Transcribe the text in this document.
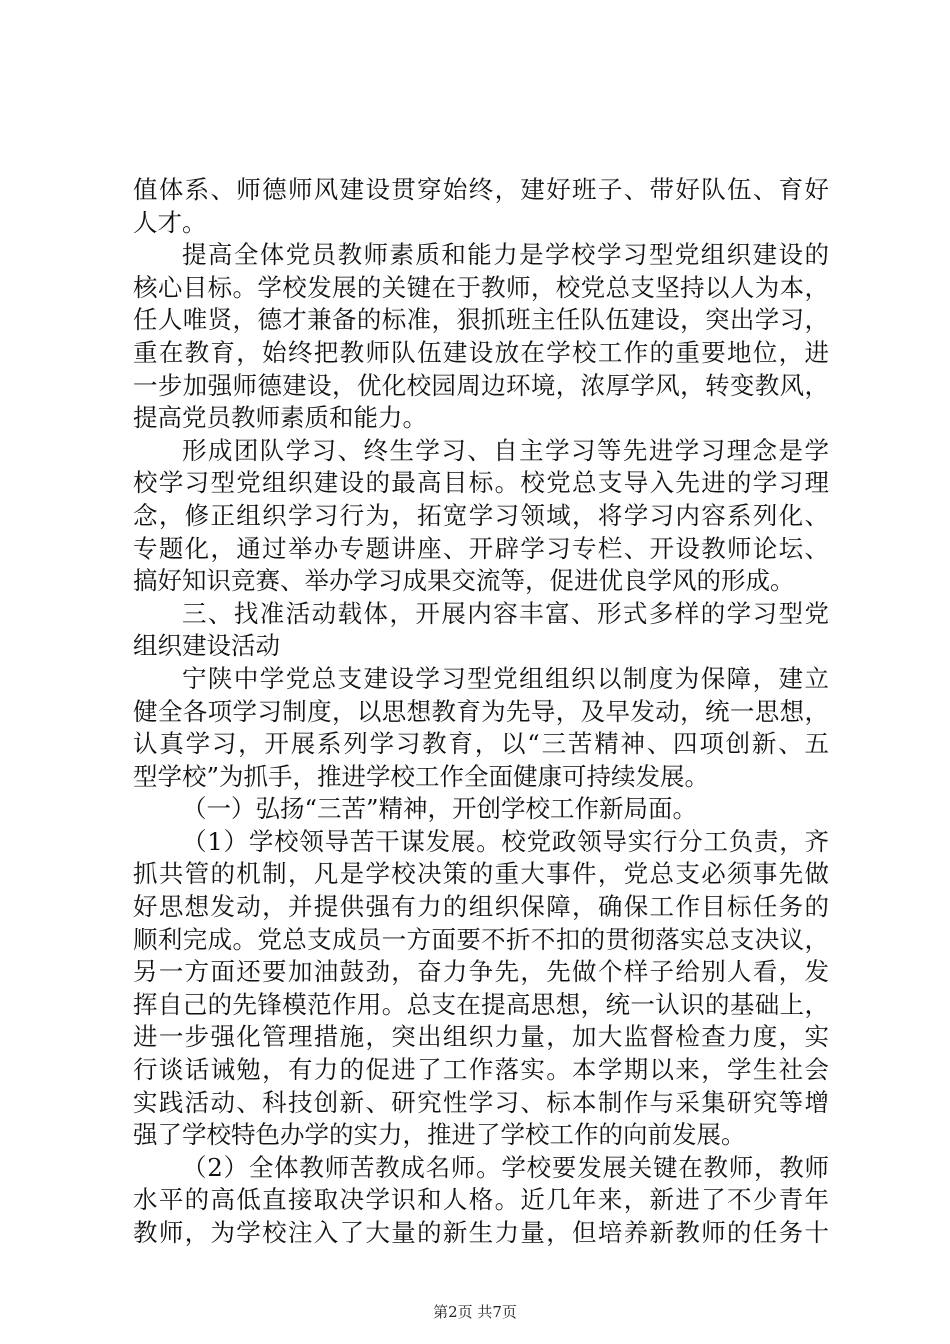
值体系、师德师风建设贯穿始终，建好班子、带好队伍、育好
人才。
提高全体党员教师素质和能力是学校学习型党组织建设的
核心目标。学校发展的关键在于教师，校党总支坚持以人为本，
任人唯贤，德才兼备的标准，狠抓班主任队伍建设，突出学习，
重在教育，始终把教师队伍建设放在学校工作的重要地位，进
一步加强师德建设，优化校园周边环境，浓厚学风，转变教风，
提高党员教师素质和能力。
形成团队学习、终生学习、自主学习等先进学习理念是学
校学习型党组织建设的最高目标。校党总支导入先进的学习理
念，修正组织学习行为，拓宽学习领域，将学习内容系列化、
专题化，通过举办专题讲座、开辟学习专栏、开设教师论坛、
搞好知识竞赛、举办学习成果交流等，促进优良学风的形成。
三、找准活动载体，开展内容丰富、形式多样的学习型党
组织建设活动
宁陕中学党总支建设学习型党组组织以制度为保障，建立
健全各项学习制度，以思想教育为先导，及早发动，统一思想，
认真学习，开展系列学习教育，以“三苦精神、四项创新、五
型学校”为抓手，推进学校工作全面健康可持续发展。
（一）弘扬“三苦”精神，开创学校工作新局面。
（1）学校领导苦干谋发展。校党政领导实行分工负责，齐
抓共管的机制，凡是学校决策的重大事件，党总支必须事先做
好思想发动，并提供强有力的组织保障，确保工作目标任务的
顺利完成。党总支成员一方面要不折不扣的贯彻落实总支决议，
另一方面还要加油鼓劲，奋力争先，先做个样子给别人看，发
挥自己的先锋模范作用。总支在提高思想，统一认识的基础上，
进一步强化管理措施，突出组织力量，加大监督检查力度，实
行谈话诫勉，有力的促进了工作落实。本学期以来，学生社会
实践活动、科技创新、研究性学习、标本制作与采集研究等增
强了学校特色办学的实力，推进了学校工作的向前发展。
（2）全体教师苦教成名师。学校要发展关键在教师，教师
水平的高低直接取决学识和人格。近几年来，新进了不少青年
教师，为学校注入了大量的新生力量，但培养新教师的任务十
第2页 共7页
